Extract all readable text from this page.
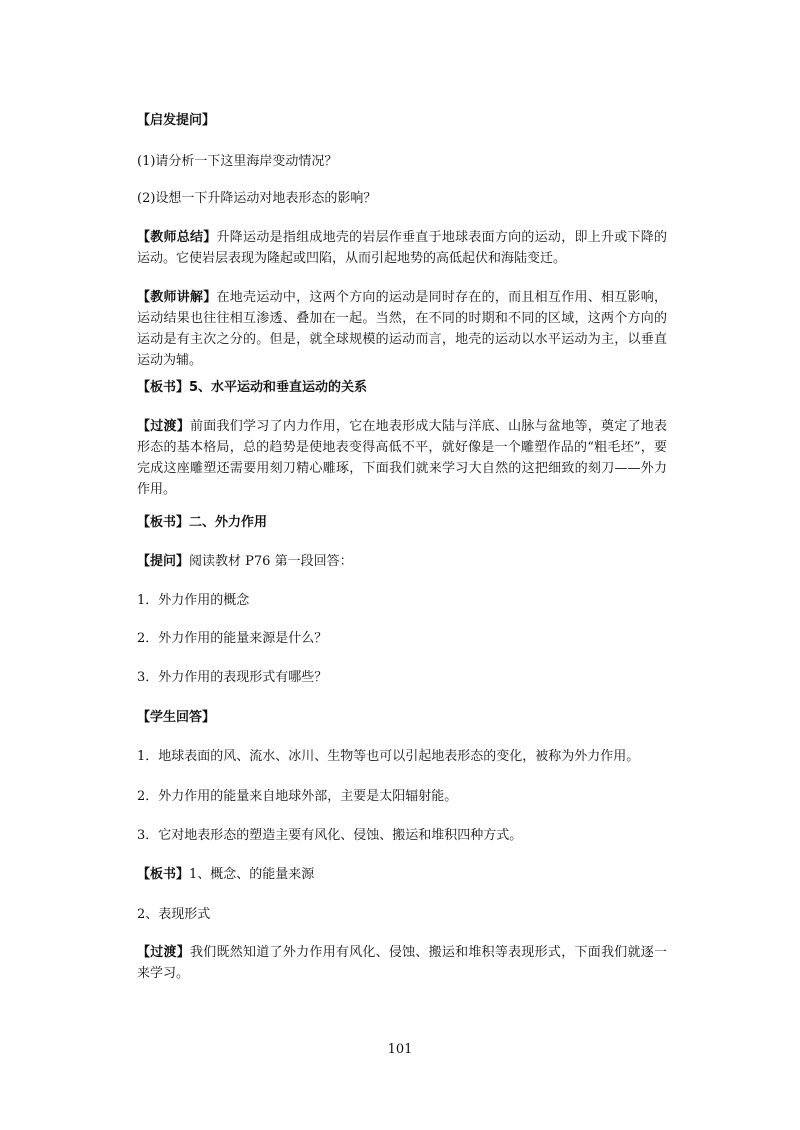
【启发提问】

(1)请分析一下这里海岸变动情况？

(2)设想一下升降运动对地表形态的影响？

【教师总结】升降运动是指组成地壳的岩层作垂直于地球表面方向的运动，即上升或下降的运动。它使岩层表现为隆起或凹陷，从而引起地势的高低起伏和海陆变迁。

【教师讲解】在地壳运动中，这两个方向的运动是同时存在的，而且相互作用、相互影响，运动结果也往往相互渗透、叠加在一起。当然，在不同的时期和不同的区域，这两个方向的运动是有主次之分的。但是，就全球规模的运动而言，地壳的运动以水平运动为主，以垂直运动为辅。

【板书】5、水平运动和垂直运动的关系

【过渡】前面我们学习了内力作用，它在地表形成大陆与洋底、山脉与盆地等，奠定了地表形态的基本格局，总的趋势是使地表变得高低不平，就好像是一个雕塑作品的“粗毛坯”，要完成这座雕塑还需要用刻刀精心雕琢，下面我们就来学习大自然的这把细致的刻刀——外力作用。

【板书】二、外力作用

【提问】阅读教材 P76 第一段回答：

1．外力作用的概念

2．外力作用的能量来源是什么？

3．外力作用的表现形式有哪些？

【学生回答】

1．地球表面的风、流水、冰川、生物等也可以引起地表形态的变化，被称为外力作用。

2．外力作用的能量来自地球外部，主要是太阳辐射能。

3．它对地表形态的塑造主要有风化、侵蚀、搬运和堆积四种方式。

【板书】1、概念、的能量来源

2、表现形式

【过渡】我们既然知道了外力作用有风化、侵蚀、搬运和堆积等表现形式，下面我们就逐一来学习。

101
